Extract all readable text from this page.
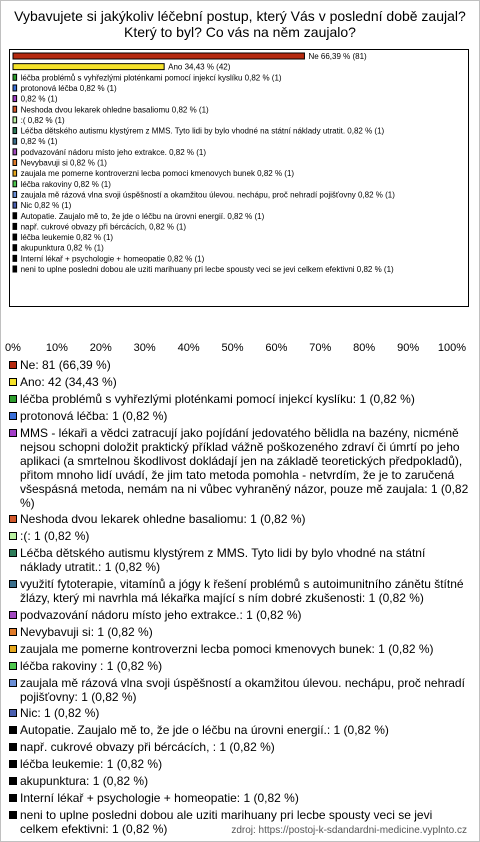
Vybavujete si jakýkoliv léčební postup, který Vás v poslední době zaujal? Který to byl? Co vás na něm zaujalo?
Ne 66,39 % (81)
Ano 34,43 % (42)
léčba problémů s vyhřezlými ploténkami pomocí injekcí kyslíku 0,82 % (1)
protonová léčba 0,82 % (1)
0,82 % (1)
Neshoda dvou lekarek ohledne basaliomu 0,82 % (1)
:( 0,82 % (1)
Léčba dětského autismu klystýrem z MMS. Tyto lidi by bylo vhodné na státní náklady utratit. 0,82 % (1)
0,82 % (1)
podvazování nádoru místo jeho extrakce. 0,82 % (1)
Nevybavuji si 0,82 % (1)
zaujala me pomerne kontroverzni lecba pomoci kmenovych bunek 0,82 % (1)
léčba rakoviny 0,82 % (1)
zaujala mě rázová vlna svoji úspěšností a okamžitou úlevou. nechápu, proč nehradí pojišťovny 0,82 % (1)
Nic 0,82 % (1)
Autopatie. Zaujalo mě to, že jde o léčbu na úrovni energií. 0,82 % (1)
např. cukrové obvazy při bércácích, 0,82 % (1)
léčba leukemie 0,82 % (1)
akupunktura 0,82 % (1)
Interní lékař + psychologie + homeopatie 0,82 % (1)
neni to uplne posledni dobou ale uziti marihuany pri lecbe spousty veci se jevi celkem efektivni 0,82 % (1)
0% 10% 20% 30% 40% 50% 60% 70% 80% 90% 100%
Ne: 81 (66,39 %)
Ano: 42 (34,43 %)
léčba problémů s vyhřezlými ploténkami pomocí injekcí kyslíku: 1 (0,82 %)
protonová léčba: 1 (0,82 %)
MMS - lékaři a vědci zatracují jako pojídání jedovatého bělidla na bazény, nicméně nejsou schopni doložit praktický příklad vážně poškozeného zdraví či úmrtí po jeho aplikaci (a smrtelnou škodlivost dokládají jen na základě teoretických předpokladů), přitom mnoho lidí uvádí, že jim tato metoda pomohla - netvrdím, že je to zaručená všespásná metoda, nemám na ni vůbec vyhraněný názor, pouze mě zaujala: 1 (0,82 %)
Neshoda dvou lekarek ohledne basaliomu: 1 (0,82 %)
:(: 1 (0,82 %)
Léčba dětského autismu klystýrem z MMS. Tyto lidi by bylo vhodné na státní náklady utratit.: 1 (0,82 %)
využití fytoterapie, vitamínů a jógy k řešení problémů s autoimunitního zánětu štítné žlázy, který mi navrhla má lékařka mající s ním dobré zkušenosti: 1 (0,82 %)
podvazování nádoru místo jeho extrakce.: 1 (0,82 %)
Nevybavuji si: 1 (0,82 %)
zaujala me pomerne kontroverzni lecba pomoci kmenovych bunek: 1 (0,82 %)
léčba rakoviny : 1 (0,82 %)
zaujala mě rázová vlna svoji úspěšností a okamžitou úlevou. nechápu, proč nehradí pojišťovny: 1 (0,82 %)
Nic: 1 (0,82 %)
Autopatie. Zaujalo mě to, že jde o léčbu na úrovni energií.: 1 (0,82 %)
např. cukrové obvazy při bércácích, : 1 (0,82 %)
léčba leukemie: 1 (0,82 %)
akupunktura: 1 (0,82 %)
Interní lékař + psychologie + homeopatie: 1 (0,82 %)
neni to uplne posledni dobou ale uziti marihuany pri lecbe spousty veci se jevi celkem efektivni: 1 (0,82 %)	zdroj: https://postoj-k-sdandardni-medicine.vyplnto.cz
